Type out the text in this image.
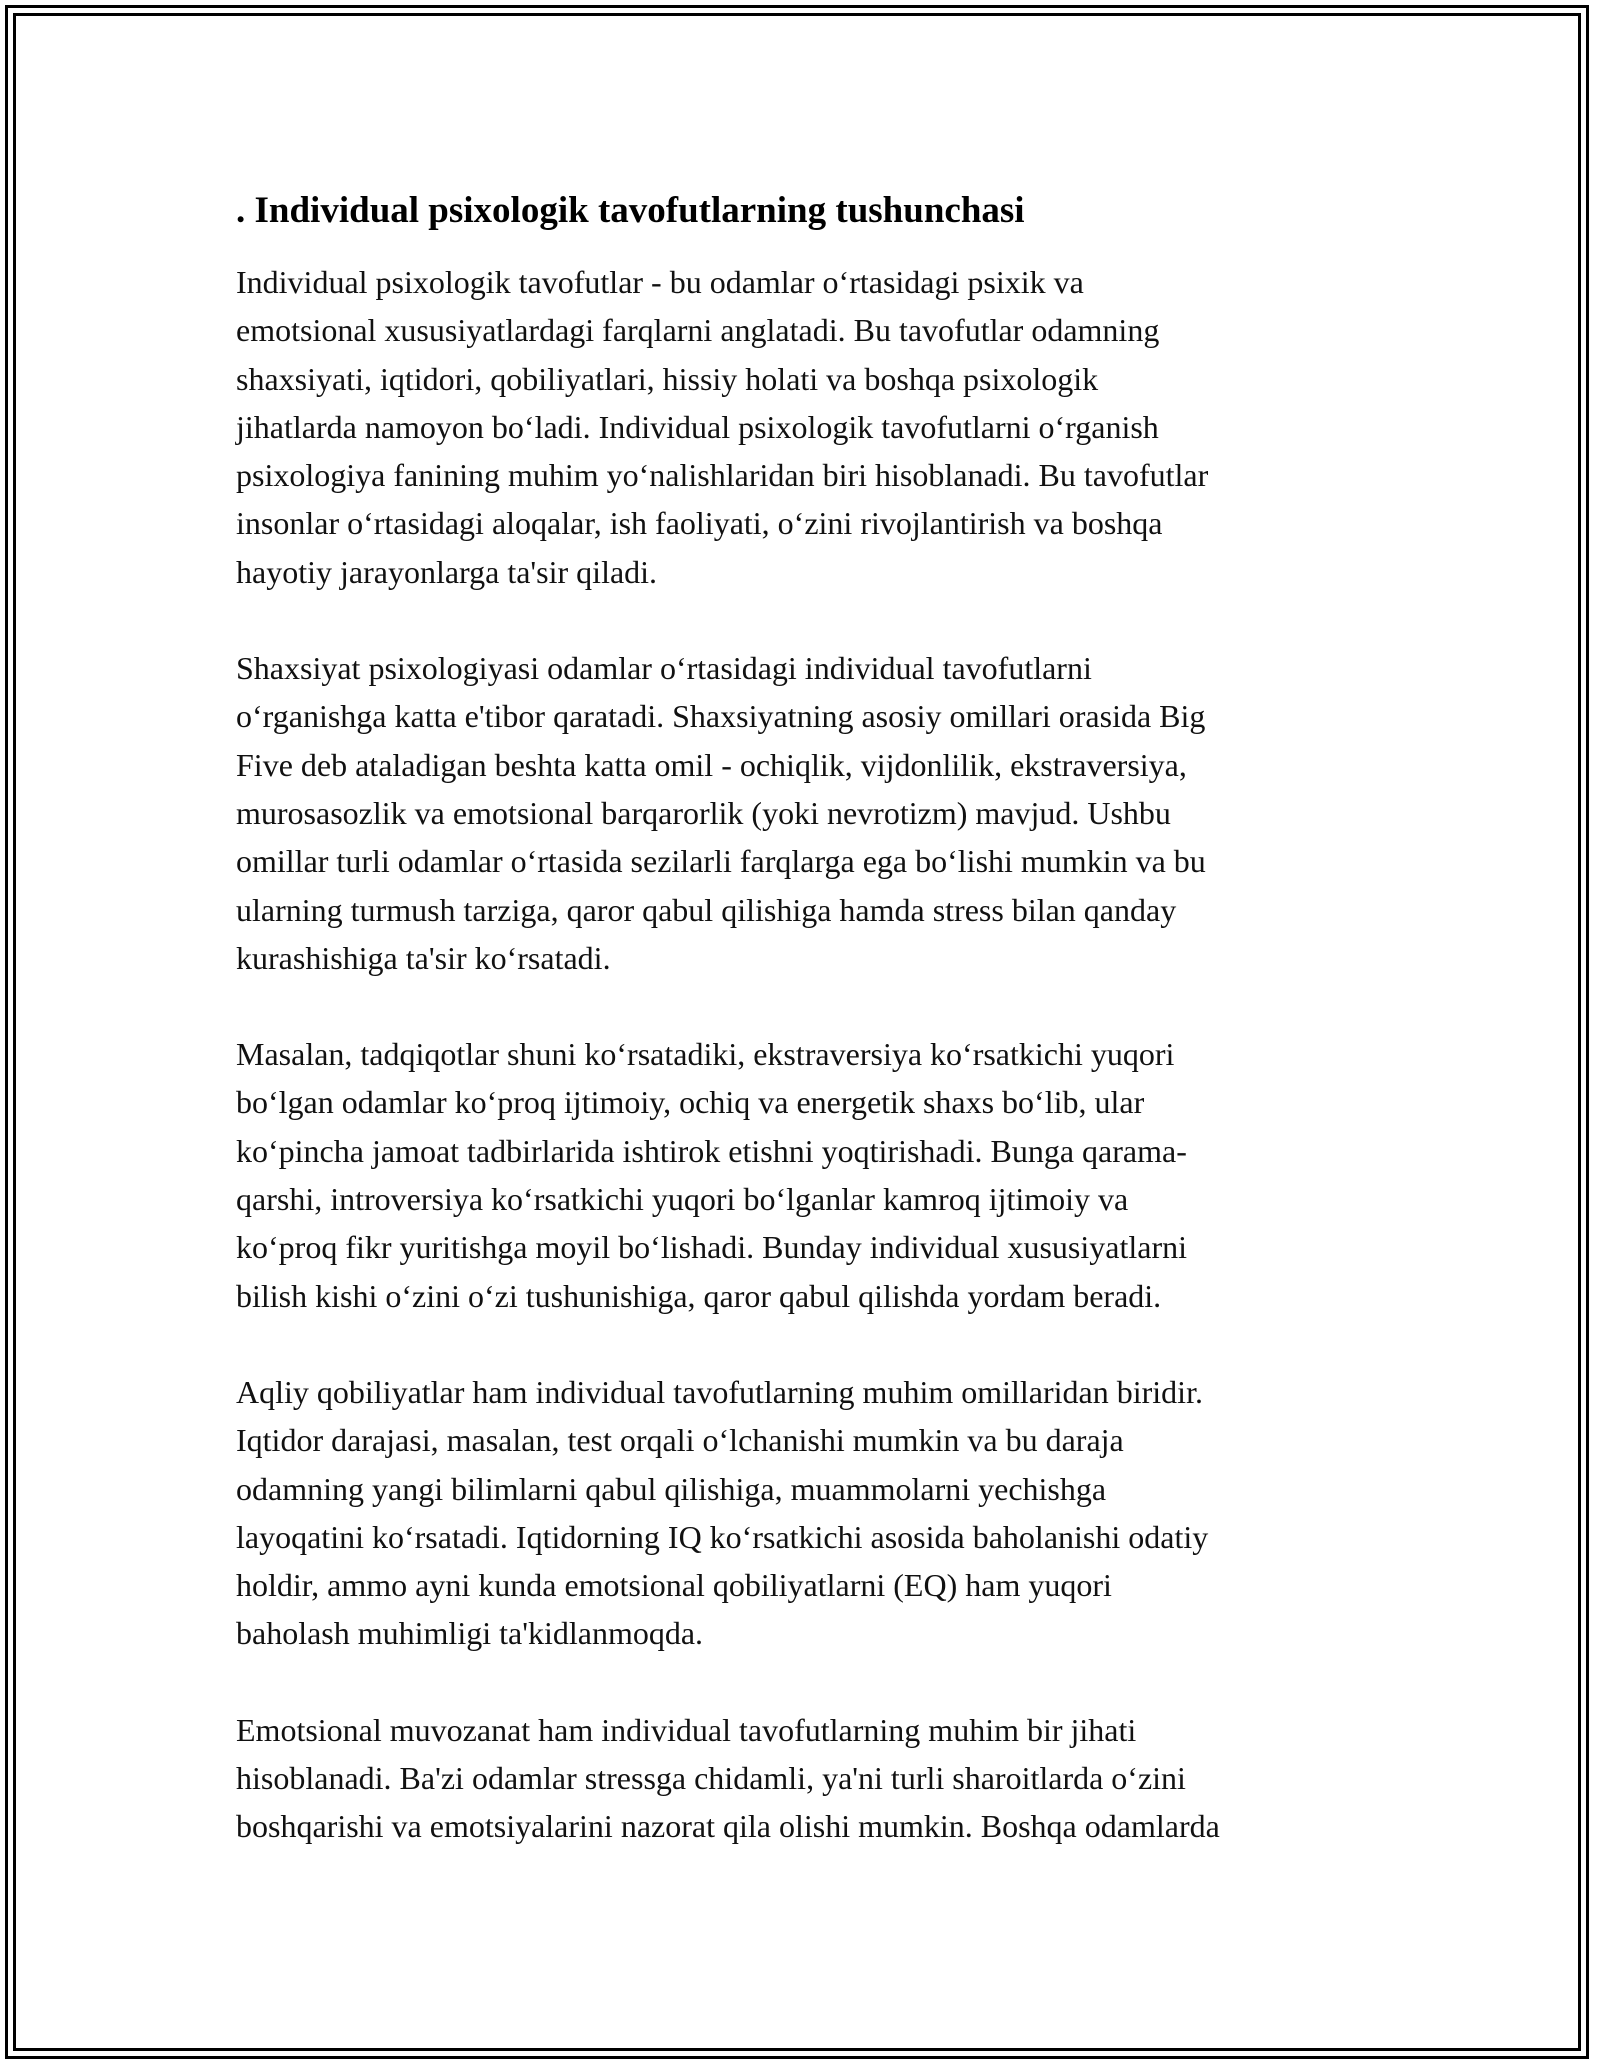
. Individual psixologik tavofutlarning tushunchasi

Individual psixologik tavofutlar - bu odamlar o‘rtasidagi psixik va
emotsional xususiyatlardagi farqlarni anglatadi. Bu tavofutlar odamning
shaxsiyati, iqtidori, qobiliyatlari, hissiy holati va boshqa psixologik
jihatlarda namoyon bo‘ladi. Individual psixologik tavofutlarni o‘rganish
psixologiya fanining muhim yo‘nalishlaridan biri hisoblanadi. Bu tavofutlar
insonlar o‘rtasidagi aloqalar, ish faoliyati, o‘zini rivojlantirish va boshqa
hayotiy jarayonlarga ta'sir qiladi.

Shaxsiyat psixologiyasi odamlar o‘rtasidagi individual tavofutlarni
o‘rganishga katta e'tibor qaratadi. Shaxsiyatning asosiy omillari orasida Big
Five deb ataladigan beshta katta omil - ochiqlik, vijdonlilik, ekstraversiya,
murosasozlik va emotsional barqarorlik (yoki nevrotizm) mavjud. Ushbu
omillar turli odamlar o‘rtasida sezilarli farqlarga ega bo‘lishi mumkin va bu
ularning turmush tarziga, qaror qabul qilishiga hamda stress bilan qanday
kurashishiga ta'sir ko‘rsatadi.

Masalan, tadqiqotlar shuni ko‘rsatadiki, ekstraversiya ko‘rsatkichi yuqori
bo‘lgan odamlar ko‘proq ijtimoiy, ochiq va energetik shaxs bo‘lib, ular
ko‘pincha jamoat tadbirlarida ishtirok etishni yoqtirishadi. Bunga qarama-
qarshi, introversiya ko‘rsatkichi yuqori bo‘lganlar kamroq ijtimoiy va
ko‘proq fikr yuritishga moyil bo‘lishadi. Bunday individual xususiyatlarni
bilish kishi o‘zini o‘zi tushunishiga, qaror qabul qilishda yordam beradi.

Aqliy qobiliyatlar ham individual tavofutlarning muhim omillaridan biridir.
Iqtidor darajasi, masalan, test orqali o‘lchanishi mumkin va bu daraja
odamning yangi bilimlarni qabul qilishiga, muammolarni yechishga
layoqatini ko‘rsatadi. Iqtidorning IQ ko‘rsatkichi asosida baholanishi odatiy
holdir, ammo ayni kunda emotsional qobiliyatlarni (EQ) ham yuqori
baholash muhimligi ta'kidlanmoqda.

Emotsional muvozanat ham individual tavofutlarning muhim bir jihati
hisoblanadi. Ba'zi odamlar stressga chidamli, ya'ni turli sharoitlarda o‘zini
boshqarishi va emotsiyalarini nazorat qila olishi mumkin. Boshqa odamlarda
